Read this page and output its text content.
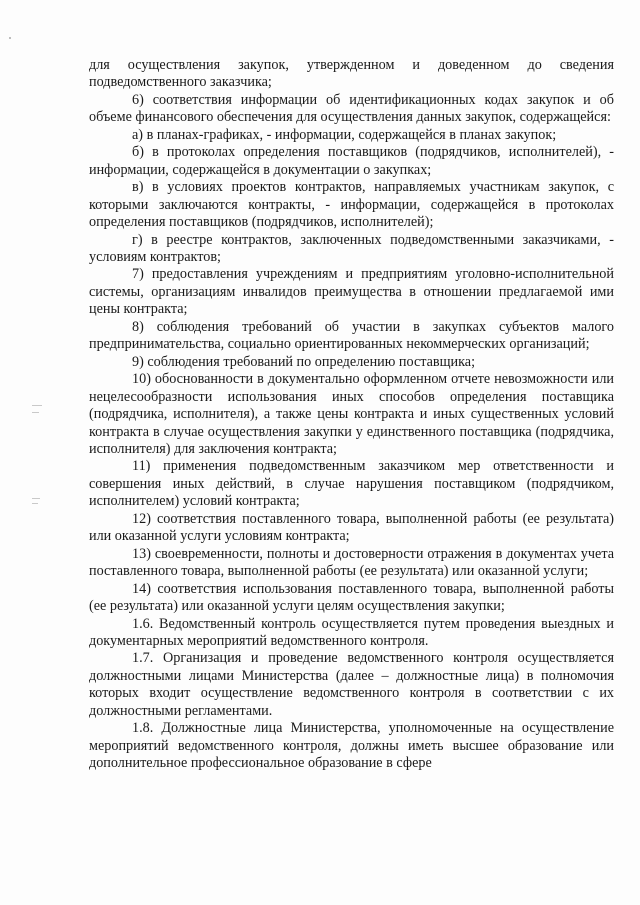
для осуществления закупок, утвержденном и доведенном до сведения подведомственного заказчика;

6) соответствия информации об идентификационных кодах закупок и об объеме финансового обеспечения для осуществления данных закупок, содержащейся:

а) в планах-графиках, - информации, содержащейся в планах закупок;

б) в протоколах определения поставщиков (подрядчиков, исполнителей), - информации, содержащейся в документации о закупках;

в) в условиях проектов контрактов, направляемых участникам закупок, с которыми заключаются контракты, - информации, содержащейся в протоколах определения поставщиков (подрядчиков, исполнителей);

г) в реестре контрактов, заключенных подведомственными заказчиками, - условиям контрактов;

7) предоставления учреждениям и предприятиям уголовно-исполнительной системы, организациям инвалидов преимущества в отношении предлагаемой ими цены контракта;

8) соблюдения требований об участии в закупках субъектов малого предпринимательства, социально ориентированных некоммерческих организаций;

9) соблюдения требований по определению поставщика;

10) обоснованности в документально оформленном отчете невозможности или нецелесообразности использования иных способов определения поставщика (подрядчика, исполнителя), а также цены контракта и иных существенных условий контракта в случае осуществления закупки у единственного поставщика (подрядчика, исполнителя) для заключения контракта;

11) применения подведомственным заказчиком мер ответственности и совершения иных действий, в случае нарушения поставщиком (подрядчиком, исполнителем) условий контракта;

12) соответствия поставленного товара, выполненной работы (ее результата) или оказанной услуги условиям контракта;

13) своевременности, полноты и достоверности отражения в документах учета поставленного товара, выполненной работы (ее результата) или оказанной услуги;

14) соответствия использования поставленного товара, выполненной работы (ее результата) или оказанной услуги целям осуществления закупки;

1.6. Ведомственный контроль осуществляется путем проведения выездных и документарных мероприятий ведомственного контроля.

1.7. Организация и проведение ведомственного контроля осуществляется должностными лицами Министерства (далее – должностные лица) в полномочия которых входит осуществление ведомственного контроля в соответствии с их должностными регламентами.

1.8. Должностные лица Министерства, уполномоченные на осуществление мероприятий ведомственного контроля, должны иметь высшее образование или дополнительное профессиональное образование в сфере
